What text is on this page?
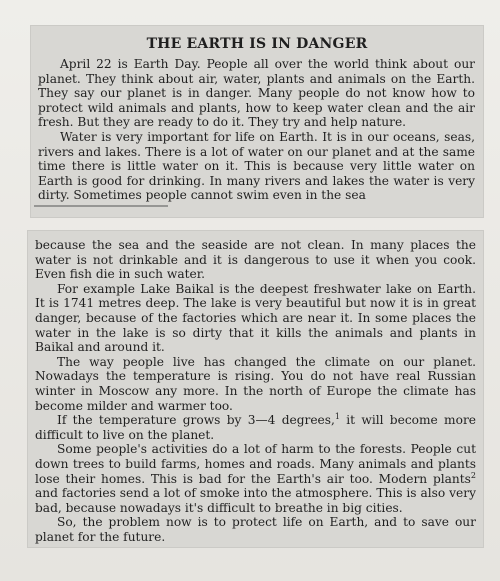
THE EARTH IS IN DANGER

April 22 is Earth Day. People all over the world think about our planet. They think about air, water, plants and animals on the Earth. They say our planet is in danger. Many people do not know how to protect wild animals and plants, how to keep water clean and the air fresh. But they are ready to do it. They try and help nature.

Water is very important for life on Earth. It is in our oceans, seas, rivers and lakes. There is a lot of water on our planet and at the same time there is little water on it. This is because very little water on Earth is good for drinking. In many rivers and lakes the water is very dirty. Sometimes people cannot swim even in the sea

because the sea and the seaside are not clean. In many places the water is not drinkable and it is dangerous to use it when you cook. Even fish die in such water.

For example Lake Baikal is the deepest freshwater lake on Earth. It is 1741 metres deep. The lake is very beautiful but now it is in great danger, because of the factories which are near it. In some places the water in the lake is so dirty that it kills the animals and plants in Baikal and around it.

The way people live has changed the climate on our planet. Nowadays the temperature is rising. You do not have real Russian winter in Moscow any more. In the north of Europe the climate has become milder and warmer too.

If the temperature grows by 3—4 degrees,$^1$ it will become more difficult to live on the planet.

Some people's activities do a lot of harm to the forests. People cut down trees to build farms, homes and roads. Many animals and plants lose their homes. This is bad for the Earth's air too. Modern plants$^2$ and factories send a lot of smoke into the atmosphere. This is also very bad, because nowadays it's difficult to breathe in big cities.

So, the problem now is to protect life on Earth, and to save our planet for the future.
